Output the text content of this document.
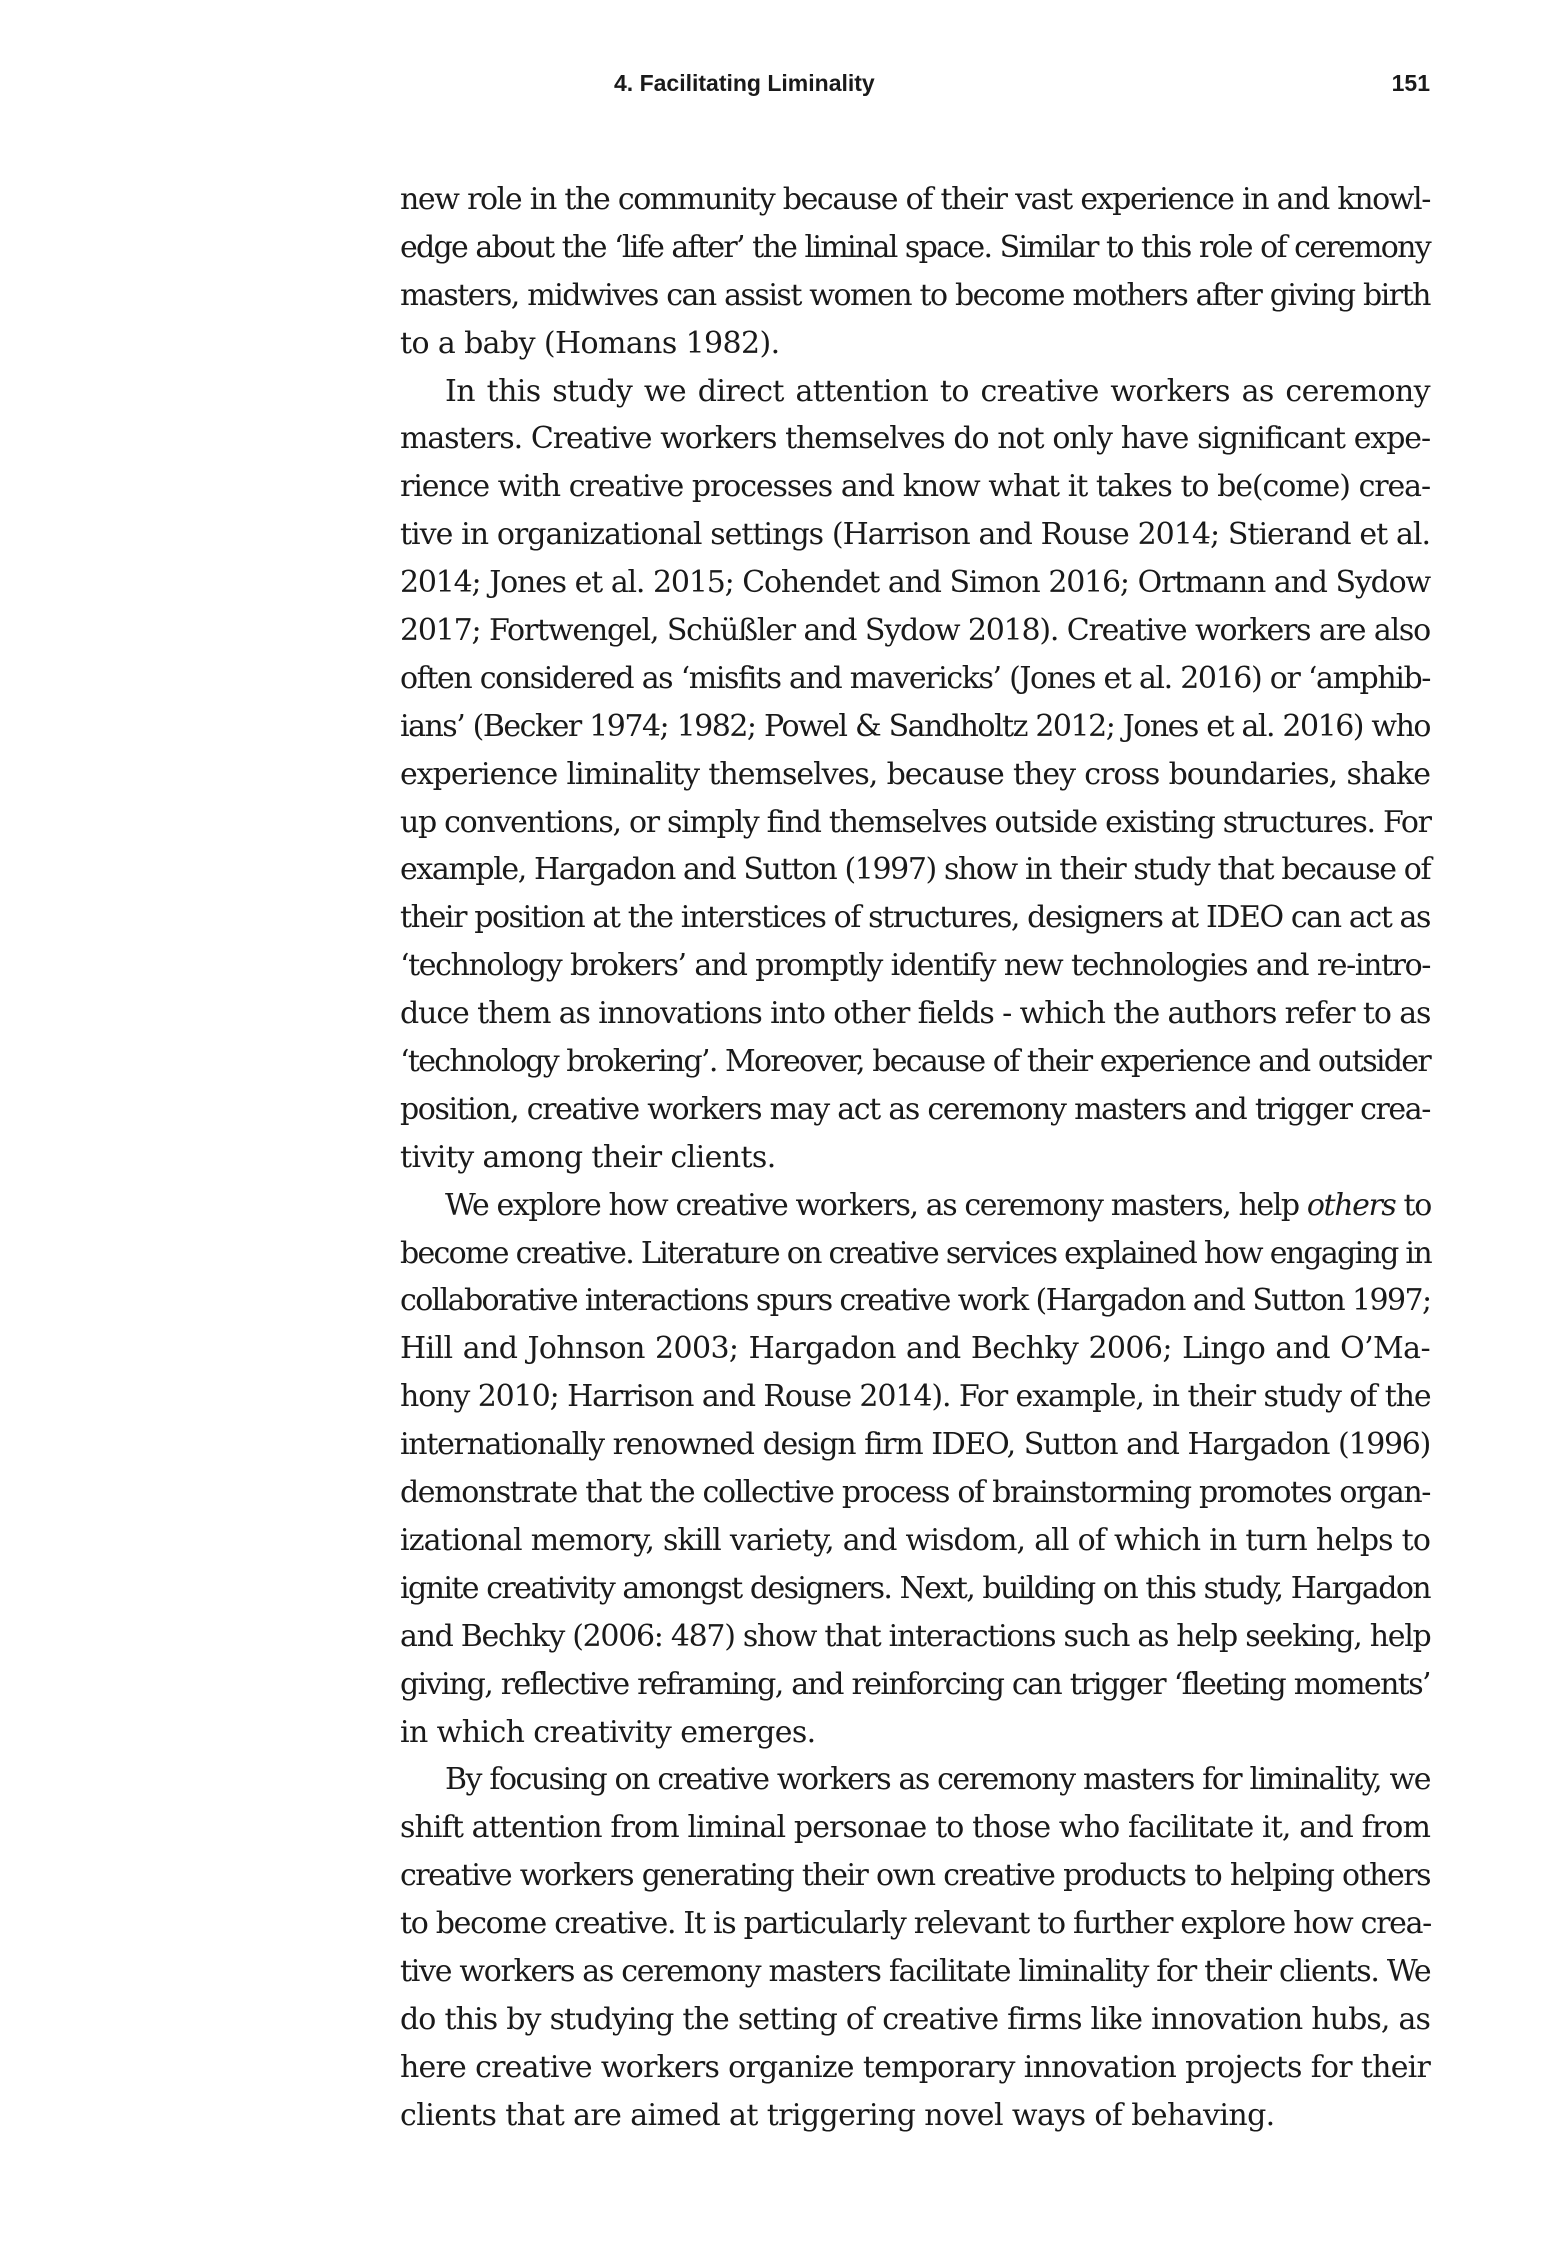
4. Facilitating Liminality	151
new role in the community because of their vast experience in and knowl-
edge about the ‘life after’ the liminal space. Similar to this role of ceremony
masters, midwives can assist women to become mothers after giving birth
to a baby (Homans 1982).
In this study we direct attention to creative workers as ceremony
masters. Creative workers themselves do not only have significant expe-
rience with creative processes and know what it takes to be(come) crea-
tive in organizational settings (Harrison and Rouse 2014; Stierand et al.
2014; Jones et al. 2015; Cohendet and Simon 2016; Ortmann and Sydow
2017; Fortwengel, Schüßler and Sydow 2018). Creative workers are also
often considered as ‘misfits and mavericks’ (Jones et al. 2016) or ‘amphib-
ians’ (Becker 1974; 1982; Powel & Sandholtz 2012; Jones et al. 2016) who
experience liminality themselves, because they cross boundaries, shake
up conventions, or simply find themselves outside existing structures. For
example, Hargadon and Sutton (1997) show in their study that because of
their position at the interstices of structures, designers at IDEO can act as
‘technology brokers’ and promptly identify new technologies and re-intro-
duce them as innovations into other fields - which the authors refer to as
‘technology brokering’. Moreover, because of their experience and outsider
position, creative workers may act as ceremony masters and trigger crea-
tivity among their clients.
We explore how creative workers, as ceremony masters, help others to
become creative. Literature on creative services explained how engaging in
collaborative interactions spurs creative work (Hargadon and Sutton 1997;
Hill and Johnson 2003; Hargadon and Bechky 2006; Lingo and O’Ma-
hony 2010; Harrison and Rouse 2014). For example, in their study of the
internationally renowned design firm IDEO, Sutton and Hargadon (1996)
demonstrate that the collective process of brainstorming promotes organ-
izational memory, skill variety, and wisdom, all of which in turn helps to
ignite creativity amongst designers. Next, building on this study, Hargadon
and Bechky (2006: 487) show that interactions such as help seeking, help
giving, reflective reframing, and reinforcing can trigger ‘fleeting moments’
in which creativity emerges.
By focusing on creative workers as ceremony masters for liminality, we
shift attention from liminal personae to those who facilitate it, and from
creative workers generating their own creative products to helping others
to become creative. It is particularly relevant to further explore how crea-
tive workers as ceremony masters facilitate liminality for their clients. We
do this by studying the setting of creative firms like innovation hubs, as
here creative workers organize temporary innovation projects for their
clients that are aimed at triggering novel ways of behaving.
